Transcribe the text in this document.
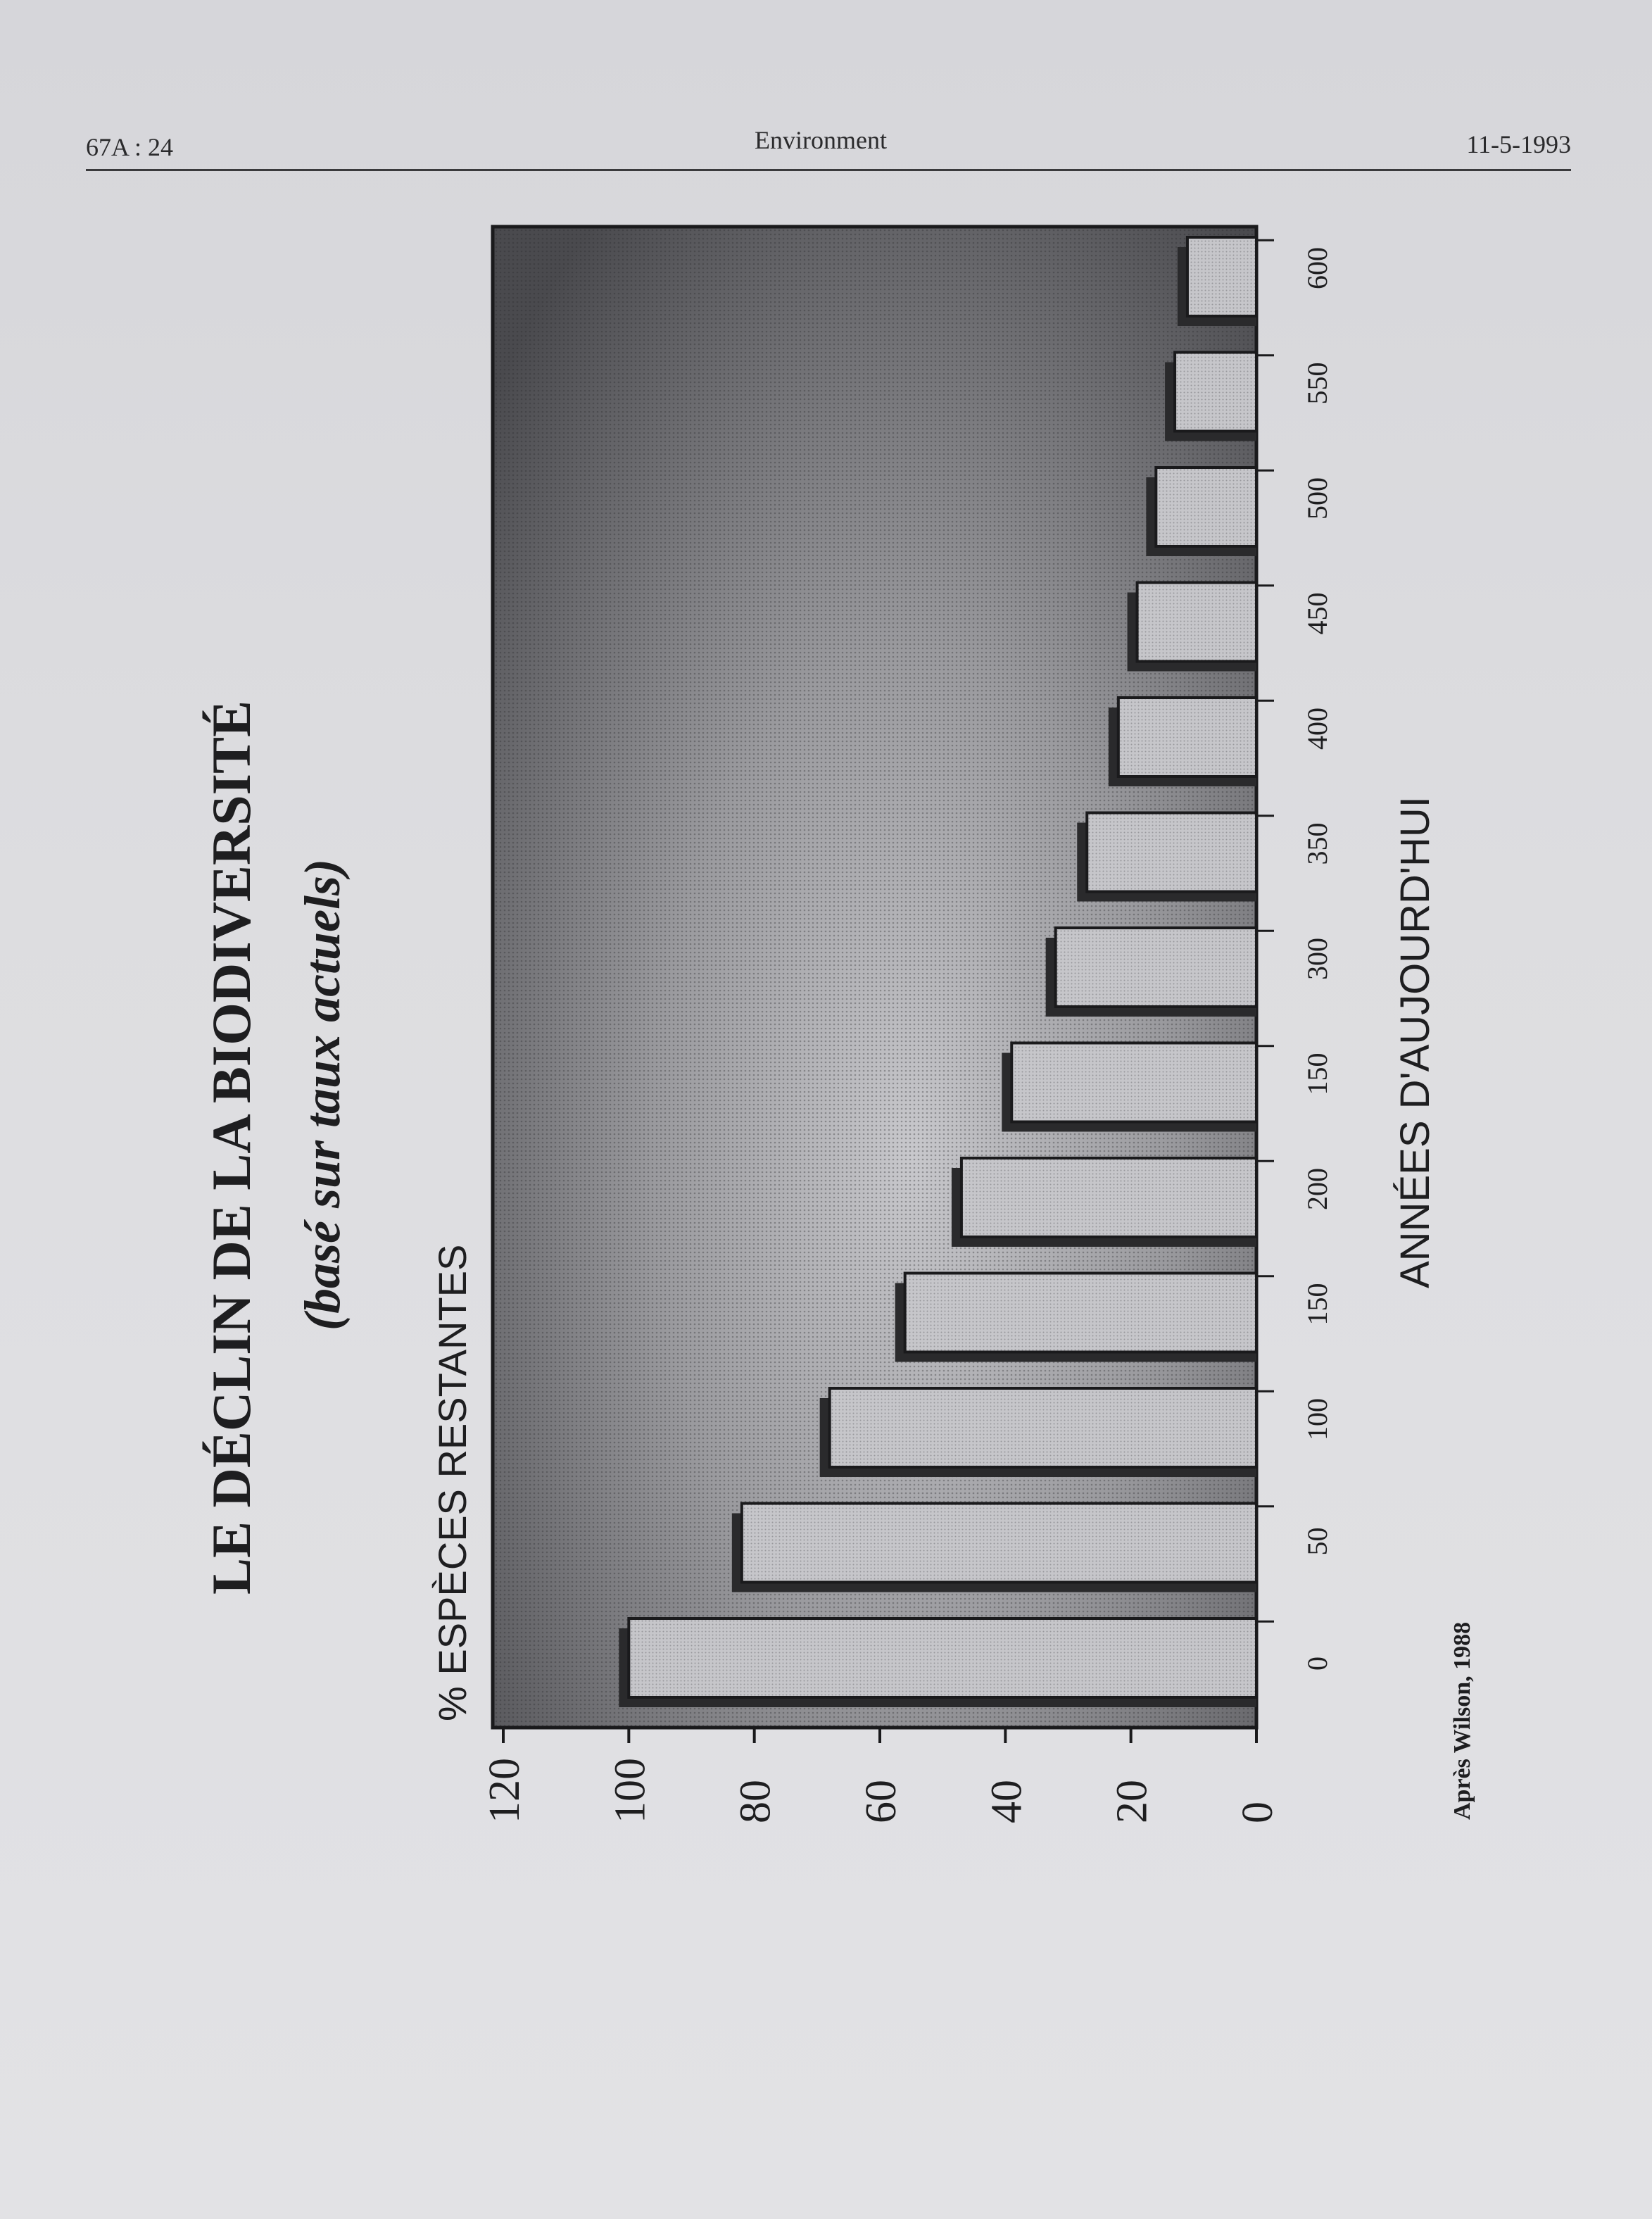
67A : 24	Environment	11-5-1993
120 100 80 60 40 20 0
0
50
100
150
200
150
300
350
400
450
500
550
600
LE DÉCLIN DE LA BIODIVERSITÉ (basé sur taux actuels)
% ESPÈCES RESTANTES
ANNÉES D'AUJOURD'HUI
Après Wilson, 1988
